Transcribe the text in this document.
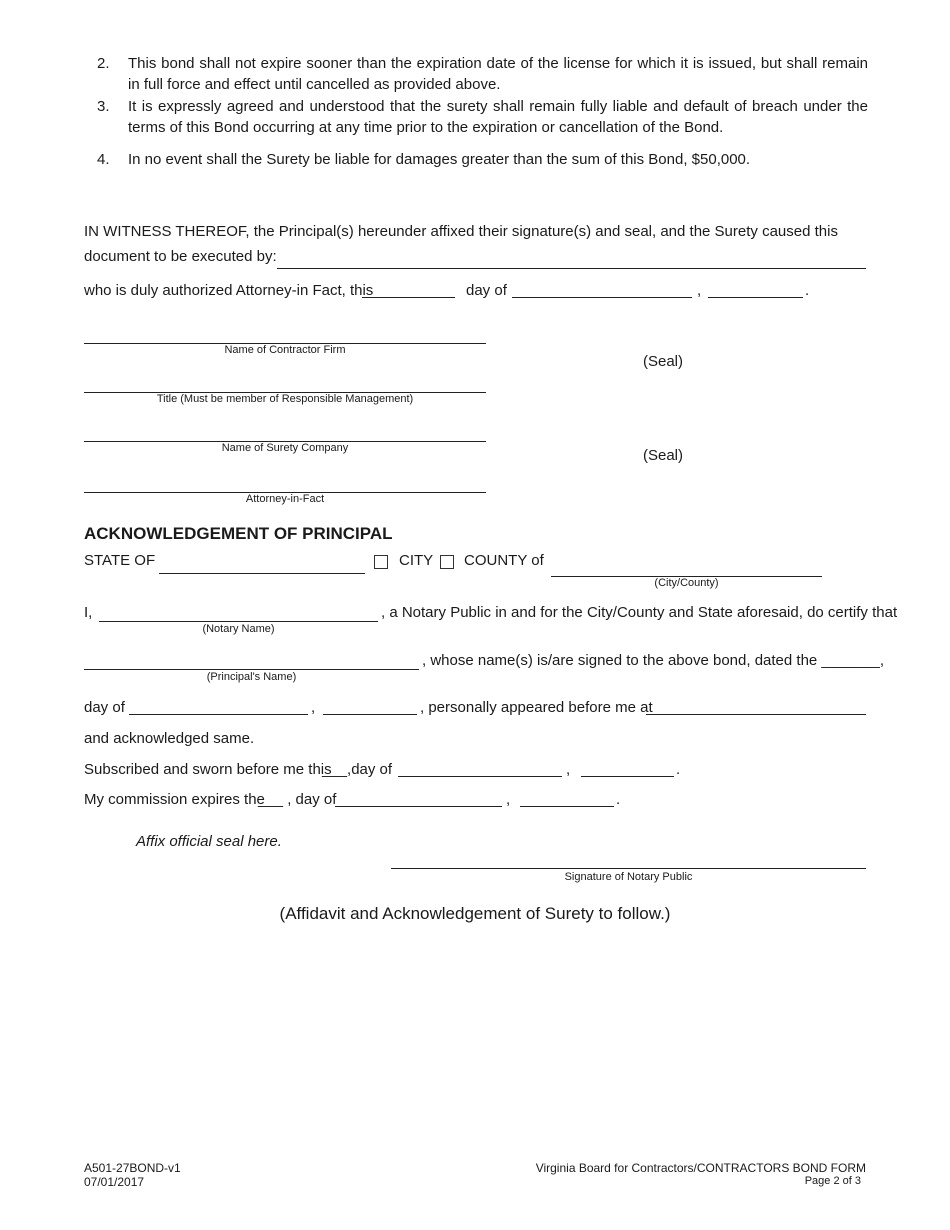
2. This bond shall not expire sooner than the expiration date of the license for which it is issued, but shall remain in full force and effect until cancelled as provided above.
3. It is expressly agreed and understood that the surety shall remain fully liable and default of breach under the terms of this Bond occurring at any time prior to the expiration or cancellation of the Bond.
4. In no event shall the Surety be liable for damages greater than the sum of this Bond, $50,000.
IN WITNESS THEREOF, the Principal(s) hereunder affixed their signature(s) and seal, and the Surety caused this
document to be executed by:
who is duly authorized Attorney-in Fact, this	day of	,	.
Name of Contractor Firm
(Seal)
Title (Must be member of Responsible Management)
Name of Surety Company	(Seal)
Attorney-in-Fact
ACKNOWLEDGEMENT OF PRINCIPAL
STATE OF	CITY COUNTY of
(City/County)
I,
(Notary Name)
, a Notary Public in and for the City/County and State aforesaid, do certify that
(Principal's Name)
, whose name(s) is/are signed to the above bond, dated the _______,
day of	,	, personally appeared before me at
and acknowledged same.
Subscribed and sworn before me this
___,day of	,	.
My commission expires the
___ , day of	,	.
Affix official seal here.
Signature of Notary Public
(Affidavit and Acknowledgement of Surety to follow.)
A501-27BOND-v1
07/01/2017
Virginia Board for Contractors/CONTRACTORS BOND FORM
Page 2 of 3
